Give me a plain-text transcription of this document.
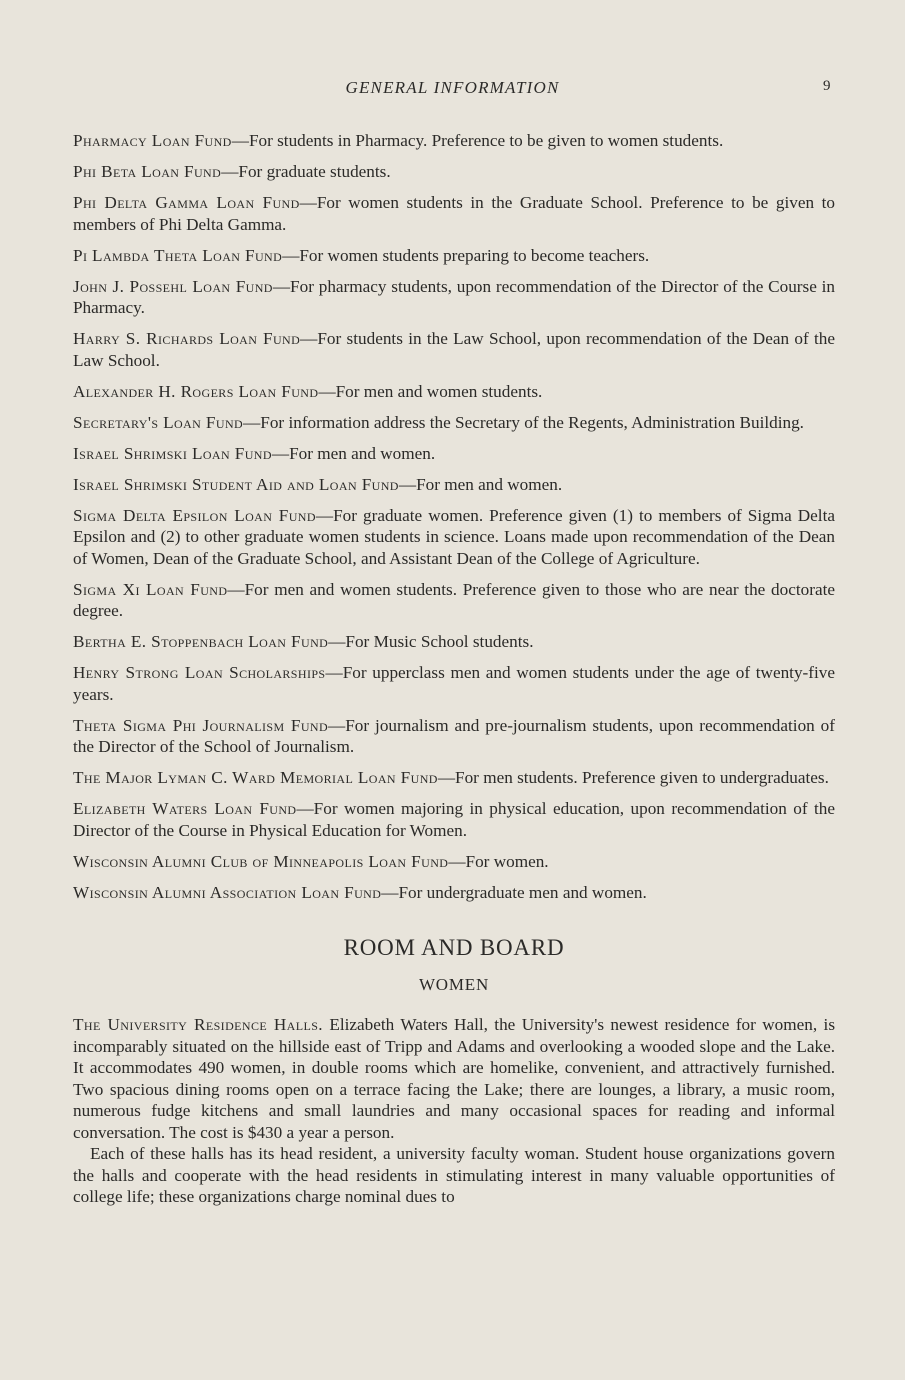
GENERAL INFORMATION	9

Pharmacy Loan Fund—For students in Pharmacy. Preference to be given to women students.

Phi Beta Loan Fund—For graduate students.

Phi Delta Gamma Loan Fund—For women students in the Graduate School. Preference to be given to members of Phi Delta Gamma.

Pi Lambda Theta Loan Fund—For women students preparing to become teachers.

John J. Possehl Loan Fund—For pharmacy students, upon recommendation of the Director of the Course in Pharmacy.

Harry S. Richards Loan Fund—For students in the Law School, upon recommendation of the Dean of the Law School.

Alexander H. Rogers Loan Fund—For men and women students.

Secretary's Loan Fund—For information address the Secretary of the Regents, Administration Building.

Israel Shrimski Loan Fund—For men and women.

Israel Shrimski Student Aid and Loan Fund—For men and women.

Sigma Delta Epsilon Loan Fund—For graduate women. Preference given (1) to members of Sigma Delta Epsilon and (2) to other graduate women students in science. Loans made upon recommendation of the Dean of Women, Dean of the Graduate School, and Assistant Dean of the College of Agriculture.

Sigma Xi Loan Fund—For men and women students. Preference given to those who are near the doctorate degree.

Bertha E. Stoppenbach Loan Fund—For Music School students.

Henry Strong Loan Scholarships—For upperclass men and women students under the age of twenty-five years.

Theta Sigma Phi Journalism Fund—For journalism and pre-journalism students, upon recommendation of the Director of the School of Journalism.

The Major Lyman C. Ward Memorial Loan Fund—For men students. Preference given to undergraduates.

Elizabeth Waters Loan Fund—For women majoring in physical education, upon recommendation of the Director of the Course in Physical Education for Women.

Wisconsin Alumni Club of Minneapolis Loan Fund—For women.

Wisconsin Alumni Association Loan Fund—For undergraduate men and women.

ROOM AND BOARD
WOMEN

The University Residence Halls. Elizabeth Waters Hall, the University's newest residence for women, is incomparably situated on the hillside east of Tripp and Adams and overlooking a wooded slope and the Lake. It accommodates 490 women, in double rooms which are homelike, convenient, and attractively furnished. Two spacious dining rooms open on a terrace facing the Lake; there are lounges, a library, a music room, numerous fudge kitchens and small laundries and many occasional spaces for reading and informal conversation. The cost is $430 a year a person.

Each of these halls has its head resident, a university faculty woman. Student house organizations govern the halls and cooperate with the head residents in stimulating interest in many valuable opportunities of college life; these organizations charge nominal dues to
